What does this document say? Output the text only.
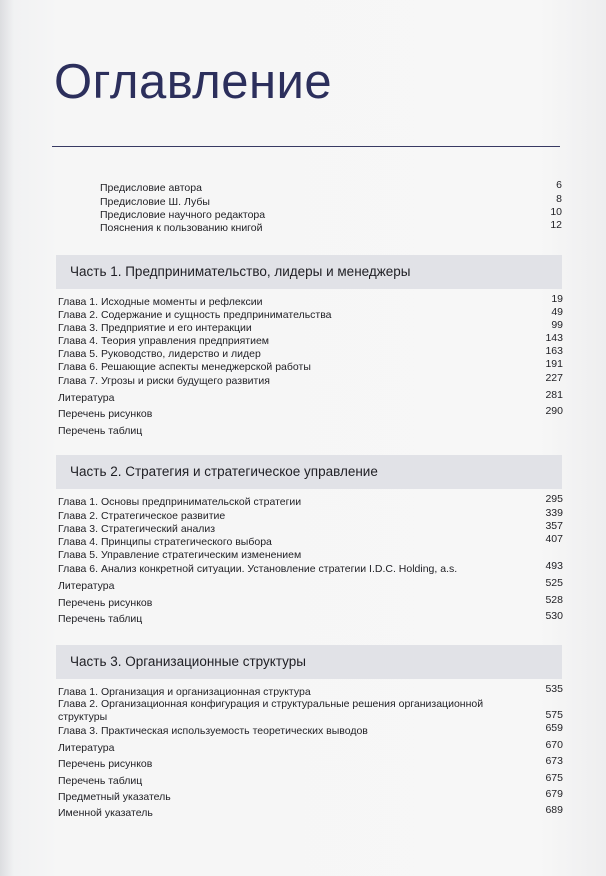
Оглавление
Предисловие автора	6
Предисловие Ш. Лубы	8
Предисловие научного редактора	10
Пояснения к пользованию книгой	12
Часть 1. Предпринимательство, лидеры и менеджеры
Глава 1. Исходные моменты и рефлексии	19
Глава 2. Содержание и сущность предпринимательства	49
Глава 3. Предприятие и его интеракции	99
Глава 4. Теория управления предприятием	143
Глава 5. Руководство, лидерство и лидер	163
Глава 6. Решающие аспекты менеджерской работы	191
Глава 7. Угрозы и риски будущего развития	227
Литература	281
Перечень рисунков	290
Перечень таблиц
Часть 2. Стратегия и стратегическое управление
Глава 1. Основы предпринимательской стратегии	295
Глава 2. Стратегическое развитие	339
Глава 3. Стратегический анализ	357
Глава 4. Принципы стратегического выбора	407
Глава 5. Управление стратегическим изменением
Глава 6. Анализ конкретной ситуации. Установление стратегии I.D.C. Holding, a.s.	493
Литература	525
Перечень рисунков	528
Перечень таблиц	530
Часть 3. Организационные структуры
Глава 1. Организация и организационная структура	535
Глава 2. Организационная конфигурация и структуральные решения организационной структуры	575
Глава 3. Практическая используемость теоретических выводов	659
Литература	670
Перечень рисунков	673
Перечень таблиц	675
Предметный указатель	679
Именной указатель	689
